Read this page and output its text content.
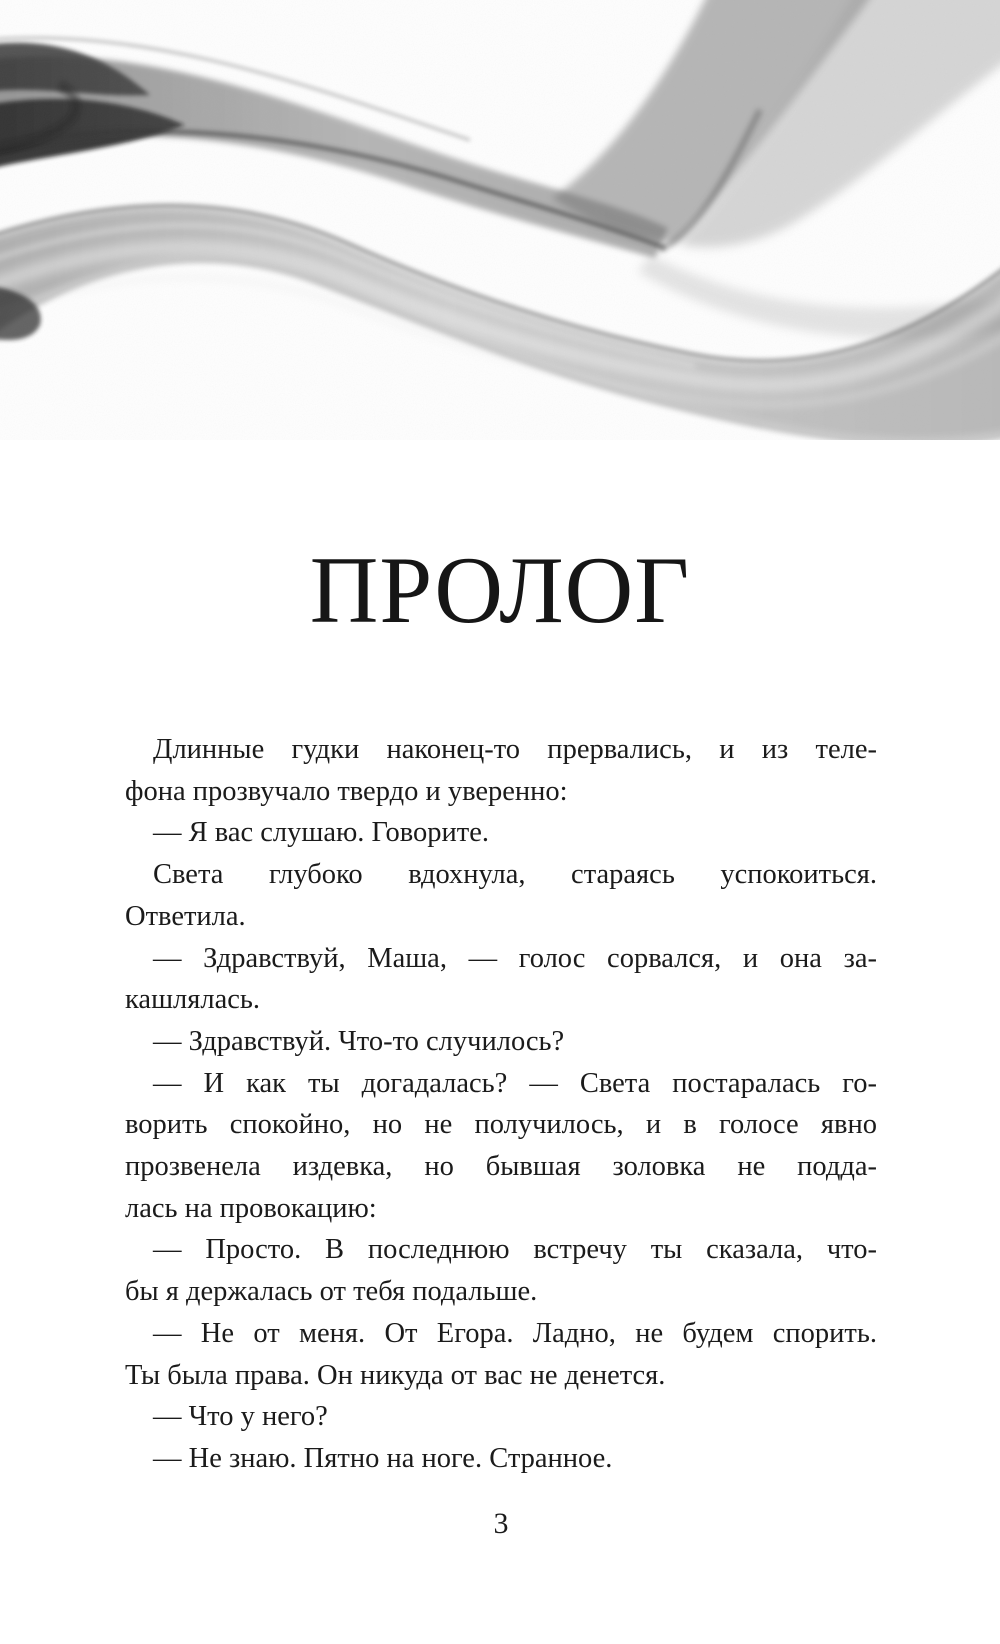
ПРОЛОГ

Длинные гудки наконец-то прервались, и из теле-
фона прозвучало твердо и уверенно:

— Я вас слушаю. Говорите.

Света глубоко вдохнула, стараясь успокоиться.
Ответила.

— Здравствуй, Маша, — голос сорвался, и она за-
кашлялась.

— Здравствуй. Что-то случилось?

— И как ты догадалась? — Света постаралась го-
ворить спокойно, но не получилось, и в голосе явно
прозвенела издевка, но бывшая золовка не подда-
лась на провокацию:

— Просто. В последнюю встречу ты сказала, что-
бы я держалась от тебя подальше.

— Не от меня. От Егора. Ладно, не будем спорить.
Ты была права. Он никуда от вас не денется.

— Что у него?

— Не знаю. Пятно на ноге. Странное.

3
